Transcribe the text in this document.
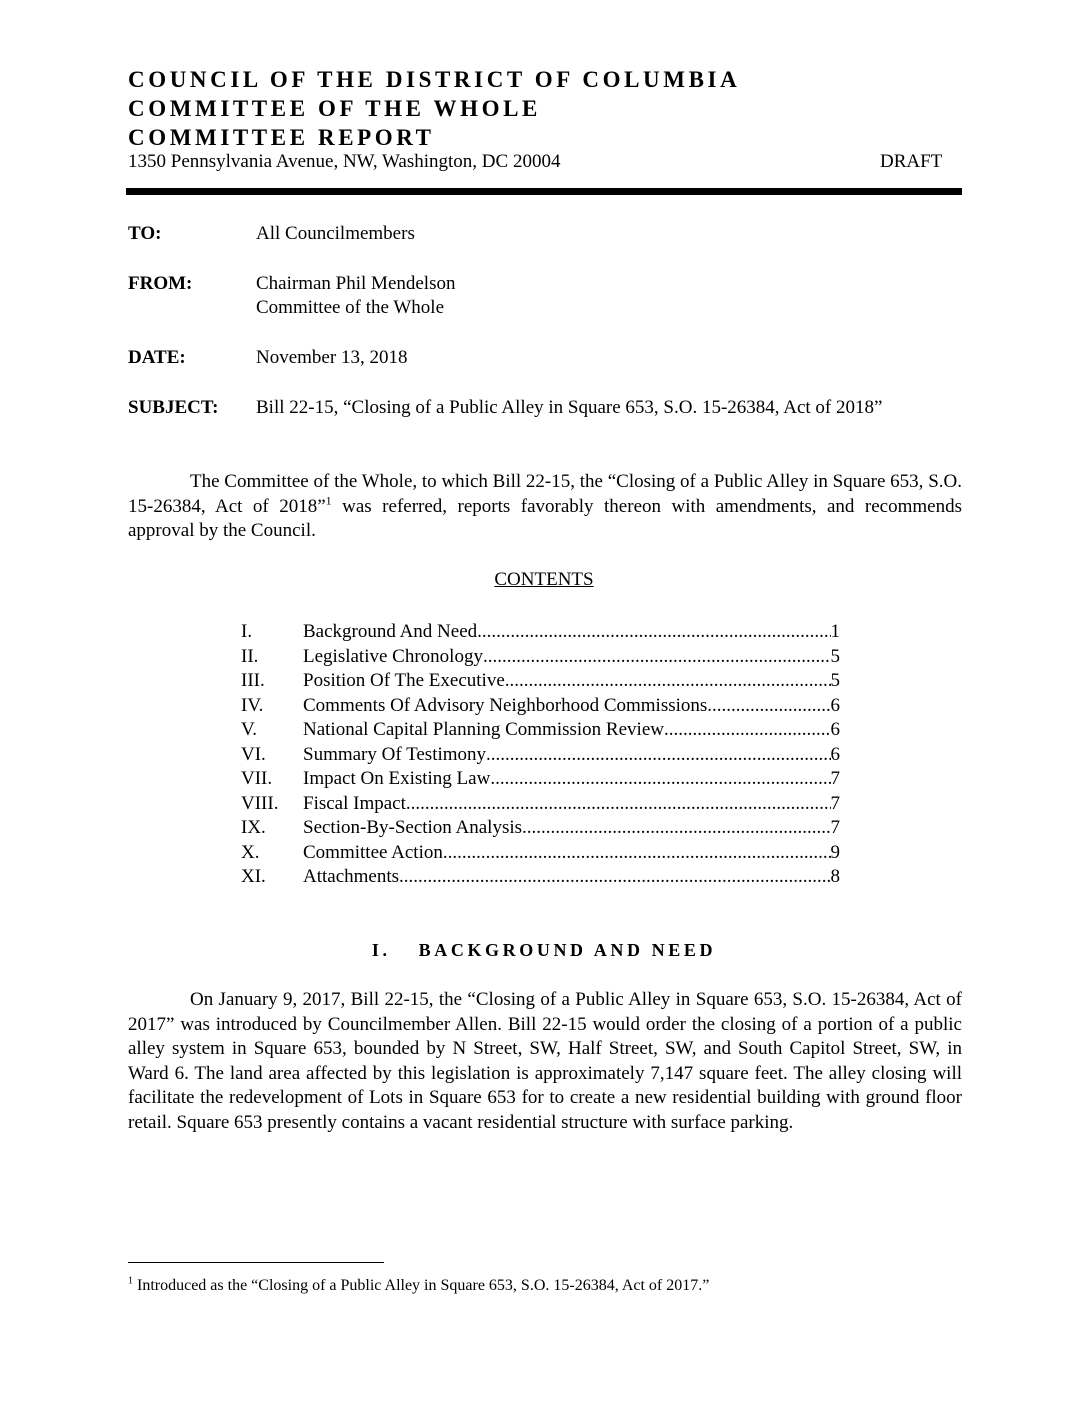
COUNCIL OF THE DISTRICT OF COLUMBIA
COMMITTEE OF THE WHOLE
COMMITTEE REPORT
1350 Pennsylvania Avenue, NW, Washington, DC 20004	DRAFT
TO:	All Councilmembers
FROM:	Chairman Phil Mendelson
Committee of the Whole
DATE:	November 13, 2018
SUBJECT: Bill 22-15, “Closing of a Public Alley in Square 653, S.O. 15-26384, Act of 2018”
The Committee of the Whole, to which Bill 22-15, the “Closing of a Public Alley in Square 653, S.O. 15-26384, Act of 2018”$^1$ was referred, reports favorably thereon with amendments, and recommends approval by the Council.
CONTENTS
I.	Background And Need .....	1
II. Legislative Chronology .....	5
III. Position Of The Executive .....	5
IV. Comments Of Advisory Neighborhood Commissions .....	6
V. National Capital Planning Commission Review .....	6
VI. Summary Of Testimony .....	6
VII. Impact On Existing Law .....	7
VIII. Fiscal Impact .....	7
IX. Section-By-Section Analysis .....	7
X. Committee Action .....	9
XI. Attachments .....	8
I. BACKGROUND AND NEED
On January 9, 2017, Bill 22-15, the “Closing of a Public Alley in Square 653, S.O. 15-26384, Act of 2017” was introduced by Councilmember Allen. Bill 22-15 would order the closing of a portion of a public alley system in Square 653, bounded by N Street, SW, Half Street, SW, and South Capitol Street, SW, in Ward 6. The land area affected by this legislation is approximately 7,147 square feet. The alley closing will facilitate the redevelopment of Lots in Square 653 for to create a new residential building with ground floor retail. Square 653 presently contains a vacant residential structure with surface parking.
$^1$ Introduced as the “Closing of a Public Alley in Square 653, S.O. 15-26384, Act of 2017.”
